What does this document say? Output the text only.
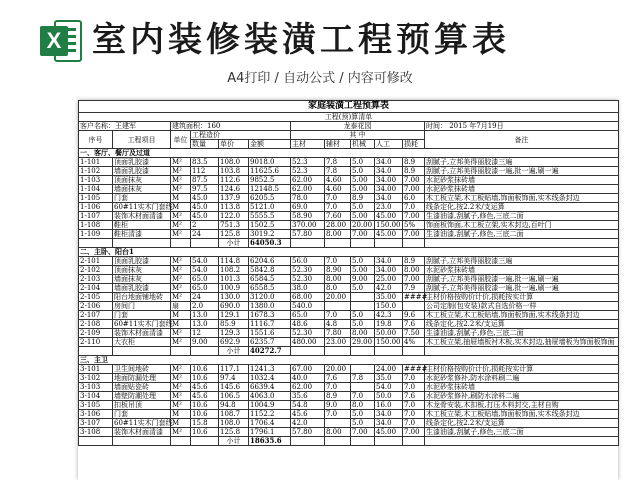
X 室内装修装潢工程预算表
A4打印 / 自动公式 / 内容可修改
家庭装潢工程预算表											
工程(预)算清单											
客户名称：王建军		建筑面积：160				龙泰花园					时间： 2015 年7月19日
序号	工程项目	单位	工程造价			其 中					备注
			数量	单价	金额	主材	辅材	机械	人工	损耗	
一、客厅、餐厅及过道											
1-101	顶面乳胶漆	M²	83.5	108.0	9018.0	52.3	7.8	5.0	34.0	8.9	刮腻子,立邦美得丽胶漆三遍
1-102	墙面乳胶漆	M²	112	103.8	11625.6	52.3	7.8	5.0	34.0	8.9	刮腻子,立邦美得丽胶漆一遍,批一遍,刷一遍
1-103	顶面抹灰	M²	87.5	112.6	9852.5	62.00	4.60	5.00	34.00	7.00	水泥砂浆抹砖墙
1-104	墙面抹灰	M²	97.5	124.6	12148.5	62.00	4.60	5.00	34.00	7.00	水泥砂浆抹砖墙
1-105	门套	M	45.0	137.9	6205.5	78.0	7.0	8.9	34.0	6.0	木工板立架,木工板贴墙,饰面板饰面,实木线条封边
1-106	60#11实木门套线	M	45.0	113.8	5121.0	69.0	7.0	5.0	23.0	7.0	线条定化,按2.2米/支运算
1-107	装饰木材面清漆	M²	45.0	122.0	5555.5	58.90	7.60	5.00	45.00	7.00	生漆油漆,刮腻子,修色,三底二面
1-108	鞋柜	M²	2	751.3	1502.5	370.00	28.00	20.00	150.00	5%	饰面板饰面,木工板立架,实木封边,百叶门
1-109	鞋柜清漆	M²	24	125.8	3019.2	57.80	8.00	7.00	45.00	7.00	生漆油漆,刮腻子,修色,三底二面
				小计	64050.3						
二、主卧、阳台1											
2-101	顶面乳胶漆	M²	54.0	114.8	6204.6	56.0	7.0	5.0	34.0	8.9	刮腻子,立邦美得丽胶漆三遍
2-102	顶面抹灰	M²	54.0	108.2	5842.8	52.30	8.90	5.00	34.00	8.00	水泥砂浆抹砖墙
2-103	墙面抹灰	M²	65.0	101.3	6584.5	52.30	8.00	9.00	25.00	7.00	刮腻子,立邦美得丽胶漆一遍,批一遍,刷一遍
2-104	墙面乳胶漆	M²	65.0	100.9	6558.5	38.0	8.0	5.0	42.0	7.9	刮腻子,立邦美得丽胶漆一遍,批一遍,刷一遍
2-105	阳台地面铺地砖	M²	24	130.0	3120.0	68.00	20.00		35.00	####	主材价格按购价计价,损耗按实计算
2-106	房间门	扇	2.0	690.0	1380.0	540.0			150.0		公司定制(包安装)款式自选价格一样
2-107	门套	M	13.0	129.1	1678.3	65.0	7.0	5.0	42.3	9.6	木工板立架,木工板贴墙,饰面板饰面,实木线条封边
2-108	60#11实木门套线	M	13.0	85.9	1116.7	48.6	4.8	5.0	19.8	7.6	线条定化,按2.2米/支运算
2-109	装饰木材面清漆	M²	12	129.3	1551.6	52.30	7.80	8.00	50.00	7.50	生漆油漆,刮腻子,修色,三底二面
2-110	大衣柜	M²	9.00	692.9	6235.7	480.00	23.00	29.00	150.00	4%	木工板立架,抽屉墙板衬木板,实木封边,抽屉墙板为饰面板饰面
				小计	40272.7						
三、主卫											
3-101	卫生间地砖	M²	10.6	117.1	1241.3	67.00	20.00		24.00	####	主材价格按购价计价,损耗按实计算
3-102	地面防漏处理	M²	10.6	97.4	1032.4	40.0	7.6	7.8	35.0	7.0	水泥砂浆修补,防水涂料刷二遍
3-103	墙面贴瓷砖	M²	45.6	145.6	6639.4	62.00	7.0		54.0	7.0	水泥砂浆抹砖墙
3-104	墙壁防潮处理	M²	45.6	106.5	4063.0	35.6	8.9	7.0	50.0	7.6	水泥砂浆修补,刷防水涂料二遍
3-105	扣板吊顶	M²	10.6	94.8	1004.9	54.8	9.0	8.0	16.0	7.0	木龙骨安装,木扣板,打压木料封交,主材自购
3-106	门套	M	10.6	108.7	1152.2	45.6	7.0	5.0	34.0	7.0	木工板立架,木工板贴墙,饰面板饰面,实木线条封边
3-107	60#11实木门套线	M	15.8	108.0	1706.4	42.0		5.0	34.0	7.0	线条定化,按2.2米/支运算
3-108	装饰木材面清漆	M²	10.6	125.8	1796.1	57.80	8.00	7.00	45.00	7.00	生漆油漆,刮腻子,修色,三底二面
				小计	18635.6						
